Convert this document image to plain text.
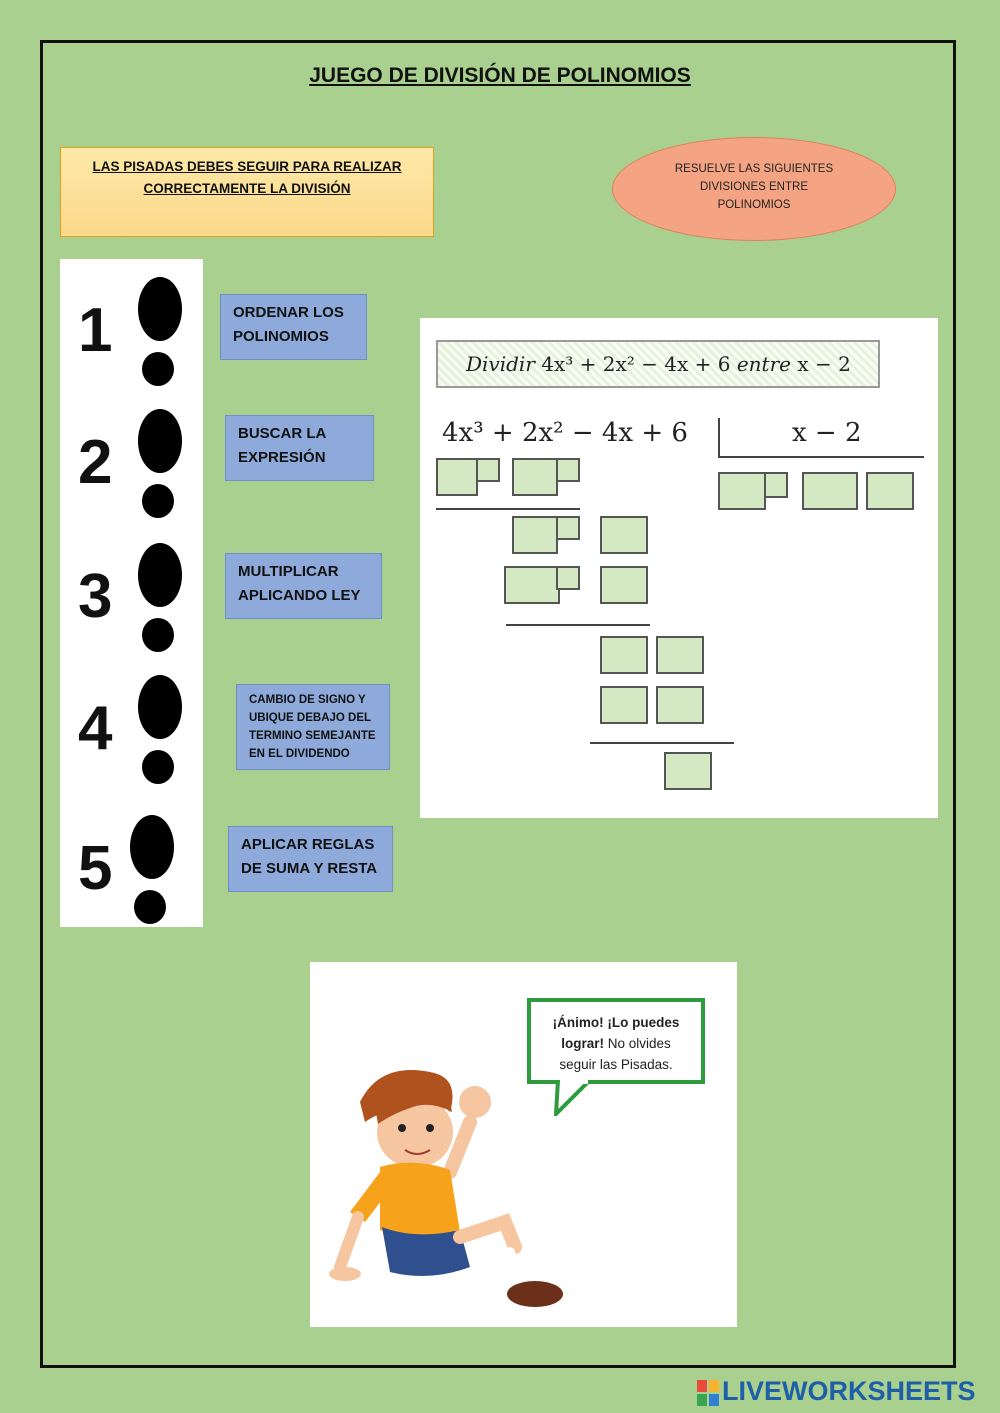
JUEGO DE DIVISIÓN DE POLINOMIOS
LAS PISADAS DEBES SEGUIR PARA REALIZAR
CORRECTAMENTE LA DIVISIÓN
RESUELVE LAS SIGUIENTES
DIVISIONES ENTRE
POLINOMIOS
1
2
3
4
5
ORDENAR LOS
POLINOMIOS
BUSCAR LA
EXPRESIÓN
MULTIPLICAR
APLICANDO LEY
CAMBIO DE SIGNO Y
UBIQUE DEBAJO DEL
TERMINO SEMEJANTE
EN EL DIVIDENDO
APLICAR REGLAS
DE SUMA Y RESTA
Dividir 4x³ + 2x² − 4x + 6 entre x − 2
4x³ + 2x² − 4x + 6	x − 2
¡Ánimo! ¡Lo puedes
lograr! No olvides
seguir las Pisadas.
LIVEWORKSHEETS
